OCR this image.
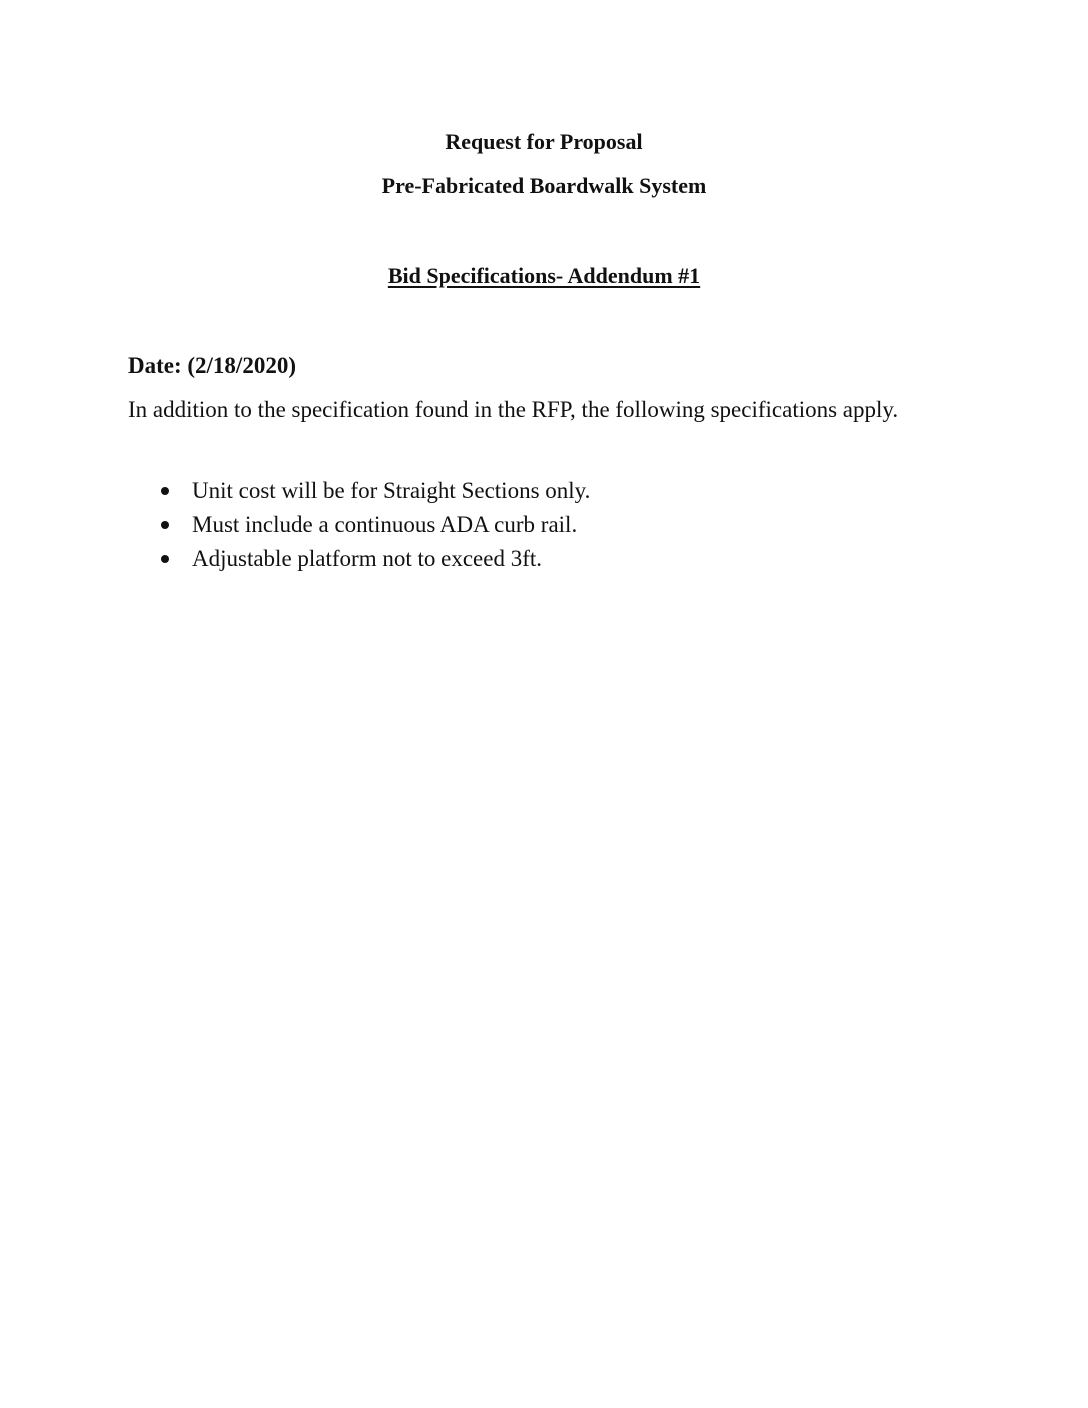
Request for Proposal
Pre-Fabricated Boardwalk System
Bid Specifications- Addendum #1

Date: (2/18/2020)

In addition to the specification found in the RFP, the following specifications apply.

Unit cost will be for Straight Sections only.
Must include a continuous ADA curb rail.
Adjustable platform not to exceed 3ft.
